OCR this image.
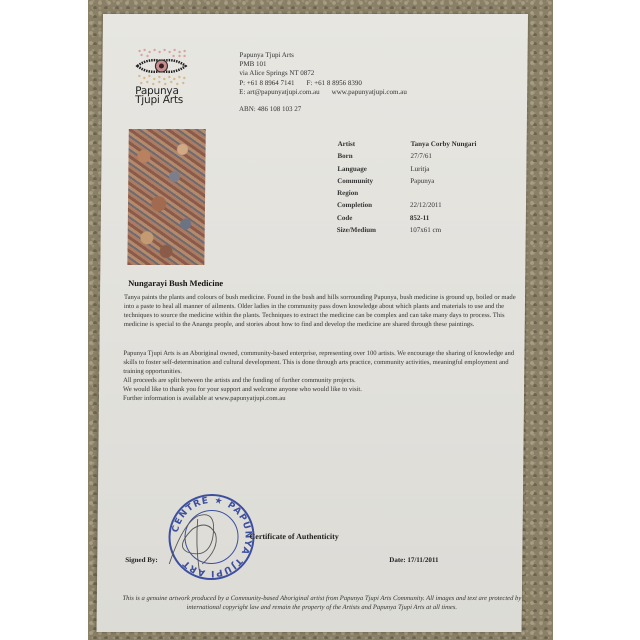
Papunya
Tjupi Arts
Papunya Tjupi Arts
PMB 101
via Alice Springs NT 0872
P: +61 8 8964 7141 F: +61 8 8956 8390
E: art@papunyatjupi.com.au www.papunyatjupi.com.au
ABN: 486 108 103 27
Artist	Tanya Corby Nungari
Born	27/7/61
Language	Luritja
Community	Papunya
Region
Completion	22/12/2011
Code	852-11
Size/Medium	107x61 cm
Nungarayi Bush Medicine
Tanya paints the plants and colours of bush medicine. Found in the bush and hills sorrounding Papunya, bush medicine is ground up, boiled or made into a paste to heal all manner of ailments. Older ladies in the community pass down knowledge about which plants and materials to use and the techniques to source the medicine within the plants. Techniques to extract the medicine can be complex and can take many days to process. This medicine is special to the Anangu people, and stories about how to find and develop the medicine are shared through these paintings.
Papunya Tjupi Arts is an Aboriginal owned, community-based enterprise, representing over 100 artists. We encourage the sharing of knowledge and skills to foster self-determination and cultural development. This is done through arts practice, community activities, meaningful employment and training opportunities.
All proceeds are split between the artists and the funding of further community projects.
We would like to thank you for your support and welcome anyone who would like to visit.
Further information is available at www.papunyatjupi.com.au
CENTRE ★ PAPUNYA TJUPI ART
Certificate of Authenticity
Signed By:	Date: 17/11/2011
This is a genuine artwork produced by a Community-based Aboriginal artist from Papunya Tjupi Arts Community. All images and text are protected by international copyright law and remain the property of the Artists and Papunya Tjupi Arts at all times.
